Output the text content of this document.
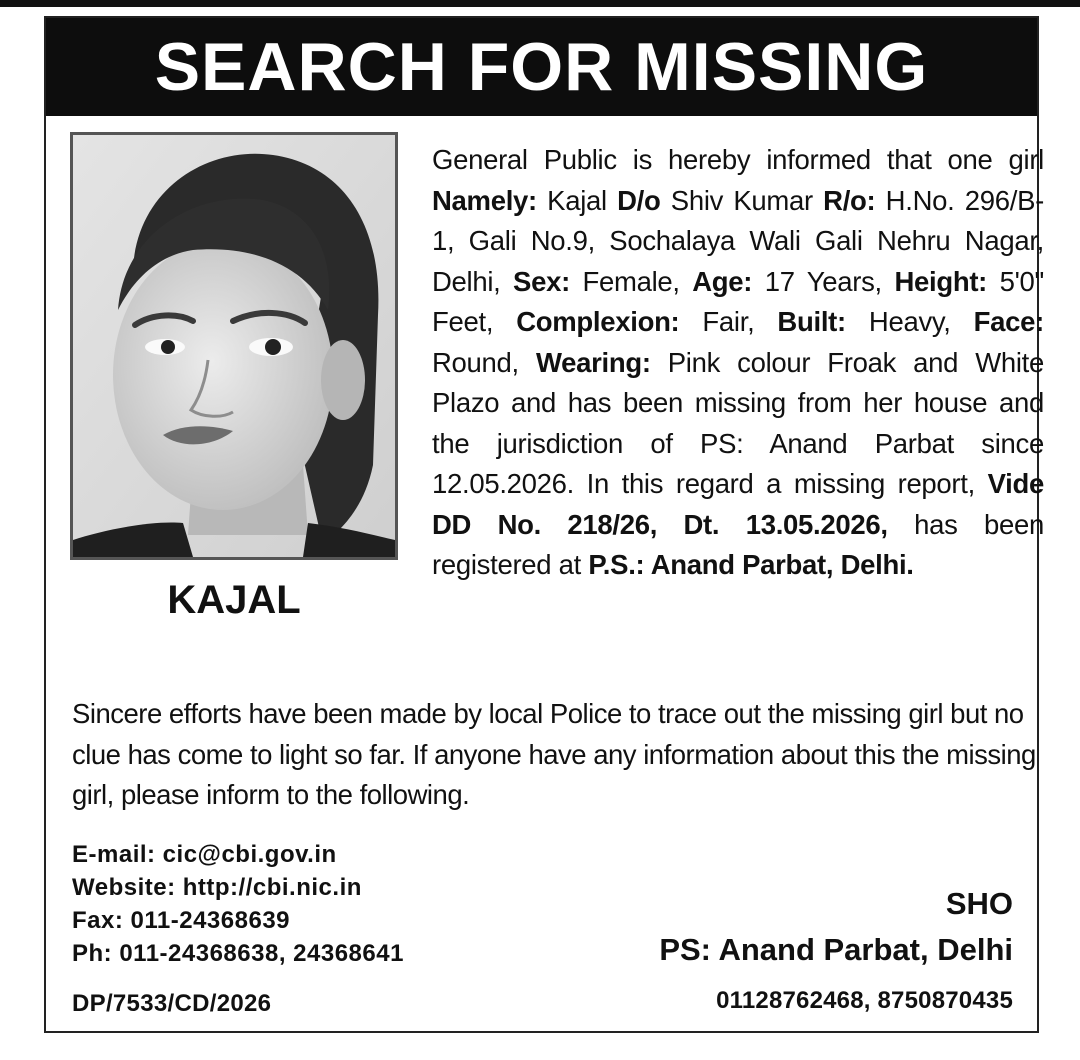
SEARCH FOR MISSING
KAJAL
General Public is hereby informed that one girl Namely: Kajal D/o Shiv Kumar R/o: H.No. 296/B-1, Gali No.9, Sochalaya Wali Gali Nehru Nagar, Delhi, Sex: Female, Age: 17 Years, Height: 5'0" Feet, Complexion: Fair, Built: Heavy, Face: Round, Wearing: Pink colour Froak and White Plazo and has been missing from her house and the jurisdiction of PS: Anand Parbat since 12.05.2026. In this regard a missing report, Vide DD No. 218/26, Dt. 13.05.2026, has been registered at P.S.: Anand Parbat, Delhi.
Sincere efforts have been made by local Police to trace out the missing girl but no clue has come to light so far. If anyone have any information about this the missing girl, please inform to the following.
E-mail: cic@cbi.gov.in
Website: http://cbi.nic.in
Fax: 011-24368639
Ph: 011-24368638, 24368641
DP/7533/CD/2026
SHO
PS: Anand Parbat, Delhi
01128762468, 8750870435
